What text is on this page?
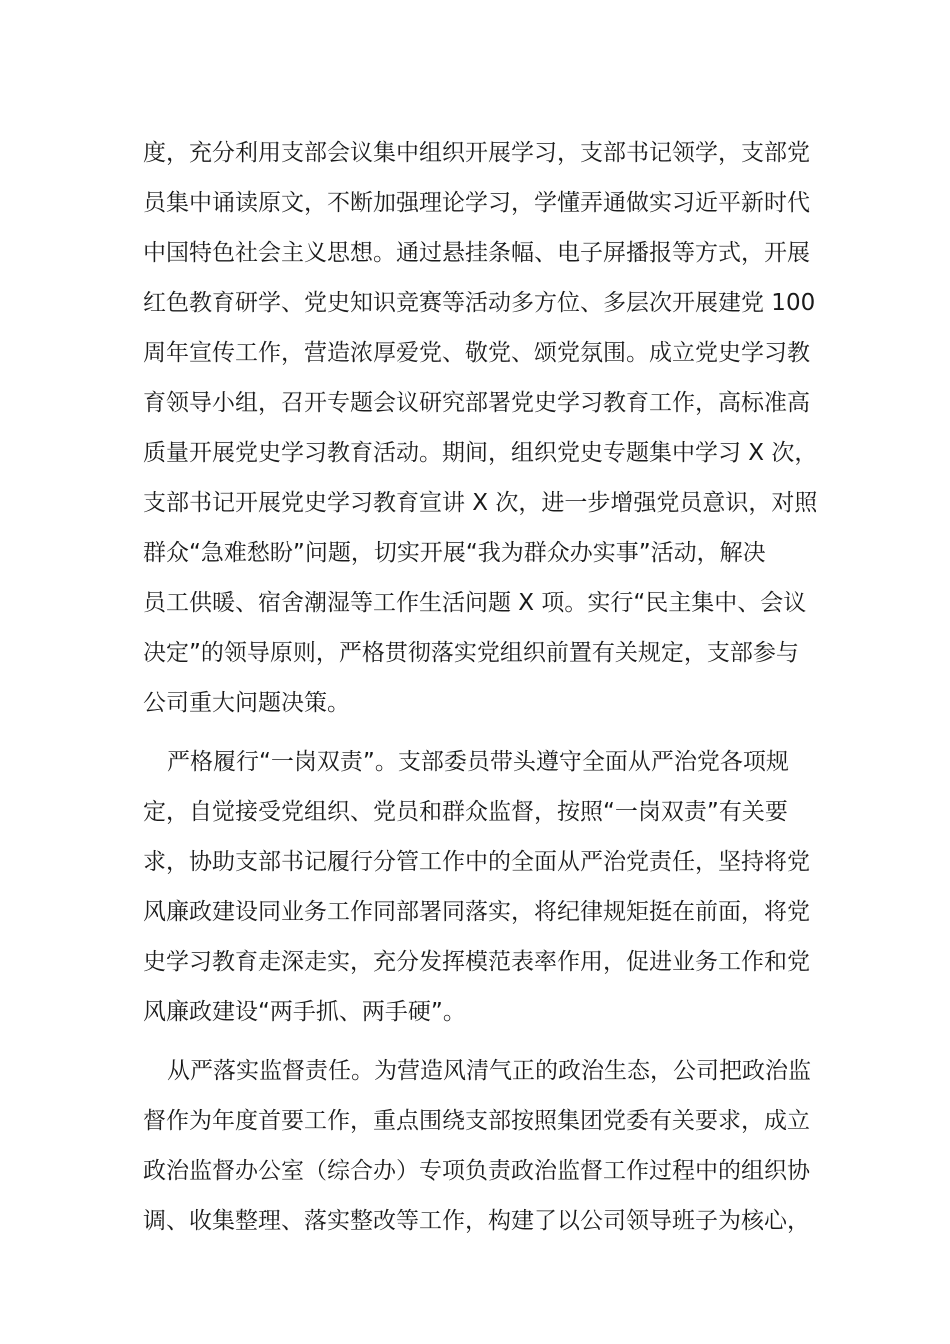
度，充分利用支部会议集中组织开展学习，支部书记领学，支部党
员集中诵读原文，不断加强理论学习，学懂弄通做实习近平新时代
中国特色社会主义思想。通过悬挂条幅、电子屏播报等方式，开展
红色教育研学、党史知识竞赛等活动多方位、多层次开展建党 100
周年宣传工作，营造浓厚爱党、敬党、颂党氛围。成立党史学习教
育领导小组，召开专题会议研究部署党史学习教育工作，高标准高
质量开展党史学习教育活动。期间，组织党史专题集中学习 X 次，
支部书记开展党史学习教育宣讲 X 次，进一步增强党员意识，对照
群众“急难愁盼”问题，切实开展“我为群众办实事”活动，解决
员工供暖、宿舍潮湿等工作生活问题 X 项。实行“民主集中、会议
决定”的领导原则，严格贯彻落实党组织前置有关规定，支部参与
公司重大问题决策。
严格履行“一岗双责”。支部委员带头遵守全面从严治党各项规
定，自觉接受党组织、党员和群众监督，按照“一岗双责”有关要
求，协助支部书记履行分管工作中的全面从严治党责任，坚持将党
风廉政建设同业务工作同部署同落实，将纪律规矩挺在前面，将党
史学习教育走深走实，充分发挥模范表率作用，促进业务工作和党
风廉政建设“两手抓、两手硬”。
从严落实监督责任。为营造风清气正的政治生态，公司把政治监
督作为年度首要工作，重点围绕支部按照集团党委有关要求，成立
政治监督办公室（综合办）专项负责政治监督工作过程中的组织协
调、收集整理、落实整改等工作，构建了以公司领导班子为核心，
